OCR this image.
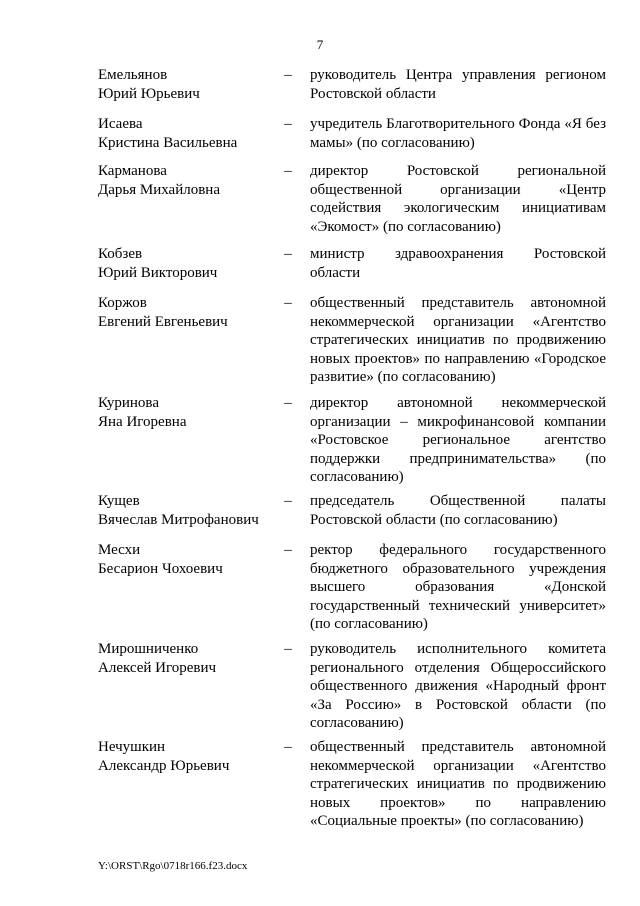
7
Емельянов
Юрий Юрьевич
– руководитель Центра управления регионом Ростовской области
Исаева
Кристина Васильевна
– учредитель Благотворительного Фонда «Я без мамы» (по согласованию)
Карманова
Дарья Михайловна
– директор Ростовской региональной общественной организации «Центр содействия экологическим инициативам «Экомост» (по согласованию)
Кобзев
Юрий Викторович
– министр здравоохранения Ростовской области
Коржов
Евгений Евгеньевич
– общественный представитель автономной некоммерческой организации «Агентство стратегических инициатив по продвижению новых проектов» по направлению «Городское развитие» (по согласованию)
Куринова
Яна Игоревна
– директор автономной некоммерческой организации – микрофинансовой компании «Ростовское региональное агентство поддержки предпринимательства» (по согласованию)
Кущев
Вячеслав Митрофанович
– председатель Общественной палаты Ростовской области (по согласованию)
Месхи
Бесарион Чохоевич
– ректор федерального государственного бюджетного образовательного учреждения высшего образования «Донской государственный технический университет» (по согласованию)
Мирошниченко
Алексей Игоревич
– руководитель исполнительного комитета регионального отделения Общероссийского общественного движения «Народный фронт «За Россию» в Ростовской области (по согласованию)
Нечушкин
Александр Юрьевич
– общественный представитель автономной некоммерческой организации «Агентство стратегических инициатив по продвижению новых проектов» по направлению «Социальные проекты» (по согласованию)
Y:\ORST\Rgo\0718r166.f23.docx
